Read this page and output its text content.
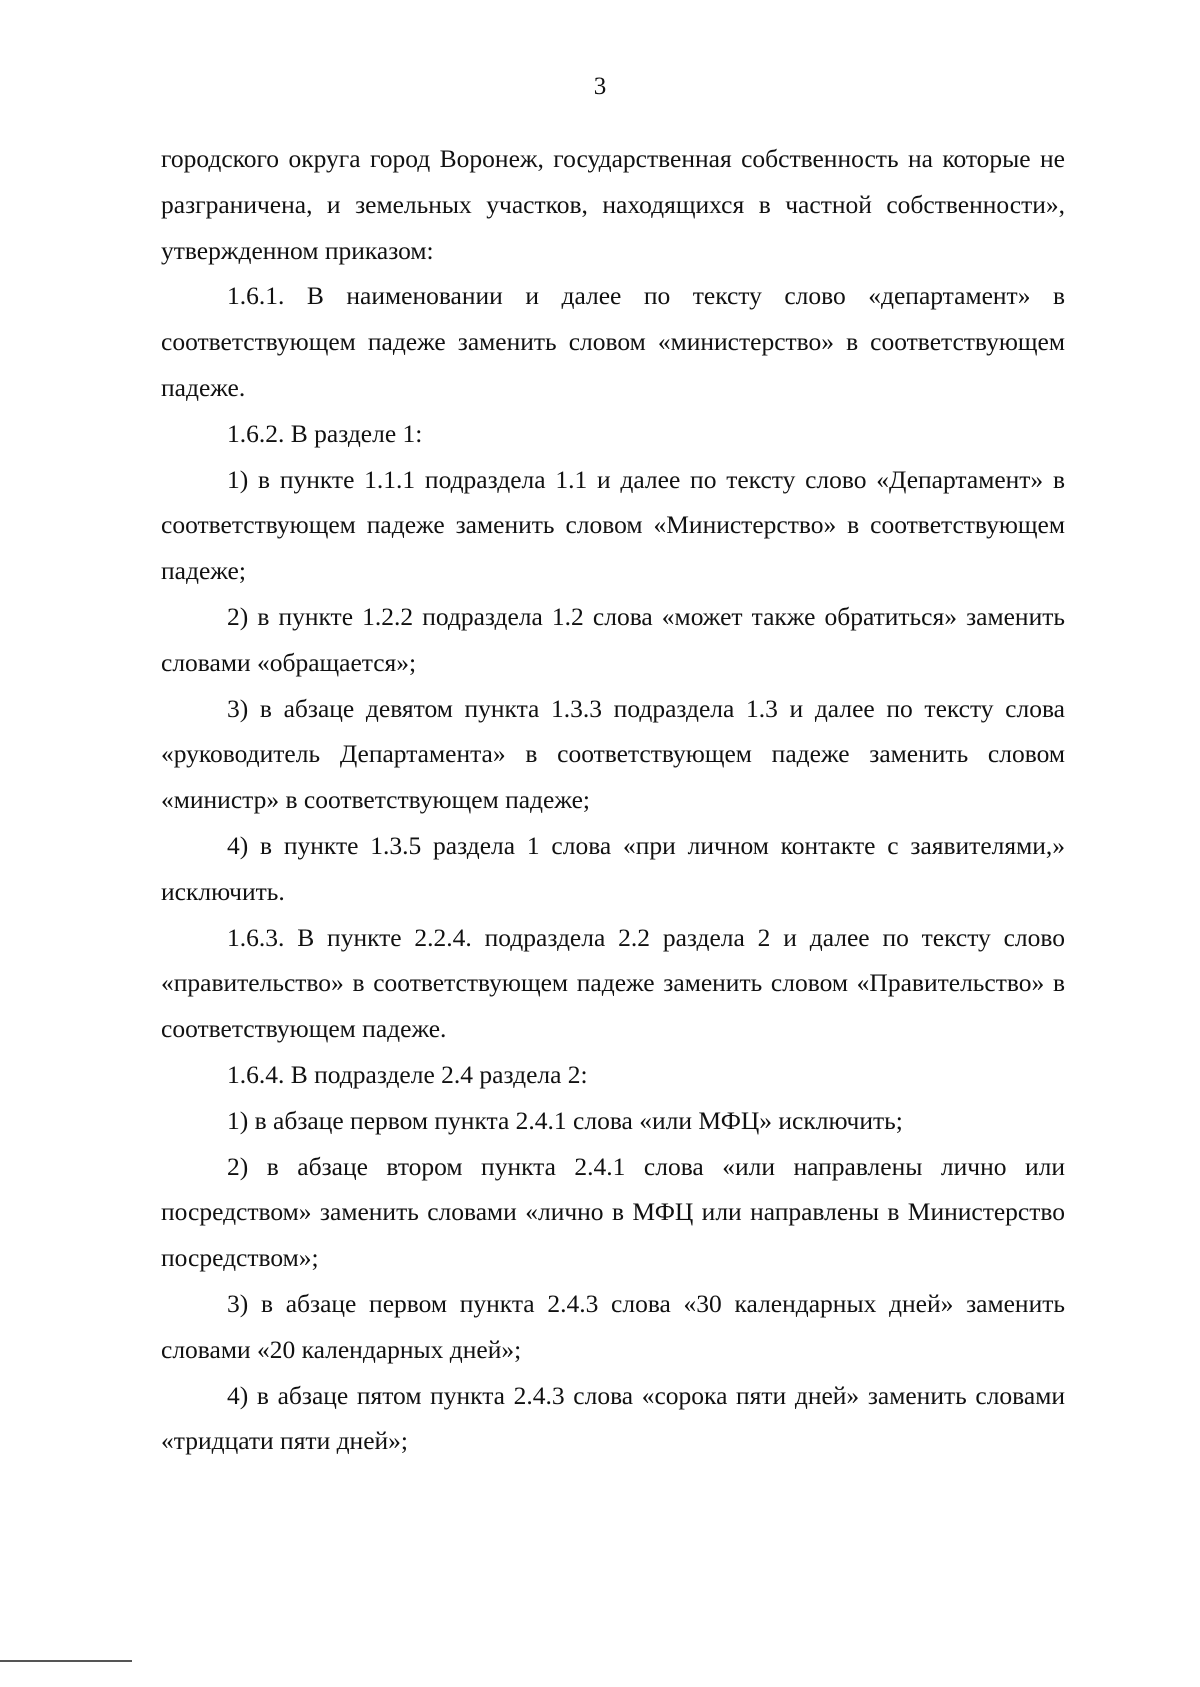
3

городского округа город Воронеж, государственная собственность на которые не разграничена, и земельных участков, находящихся в частной собственности», утвержденном приказом:

1.6.1. В наименовании и далее по тексту слово «департамент» в соответствующем падеже заменить словом «министерство» в соответствующем падеже.

1.6.2. В разделе 1:

1) в пункте 1.1.1 подраздела 1.1 и далее по тексту слово «Департамент» в соответствующем падеже заменить словом «Министерство» в соответствующем падеже;

2) в пункте 1.2.2 подраздела 1.2 слова «может также обратиться» заменить словами «обращается»;

3) в абзаце девятом пункта 1.3.3 подраздела 1.3 и далее по тексту слова «руководитель Департамента» в соответствующем падеже заменить словом «министр» в соответствующем падеже;

4) в пункте 1.3.5 раздела 1 слова «при личном контакте с заявителями,» исключить.

1.6.3. В пункте 2.2.4. подраздела 2.2 раздела 2 и далее по тексту слово «правительство» в соответствующем падеже заменить словом «Правительство» в соответствующем падеже.

1.6.4. В подразделе 2.4 раздела 2:

1) в абзаце первом пункта 2.4.1 слова «или МФЦ» исключить;

2) в абзаце втором пункта 2.4.1 слова «или направлены лично или посредством» заменить словами «лично в МФЦ или направлены в Министерство посредством»;

3) в абзаце первом пункта 2.4.3 слова «30 календарных дней» заменить словами «20 календарных дней»;

4) в абзаце пятом пункта 2.4.3 слова «сорока пяти дней» заменить словами «тридцати пяти дней»;
